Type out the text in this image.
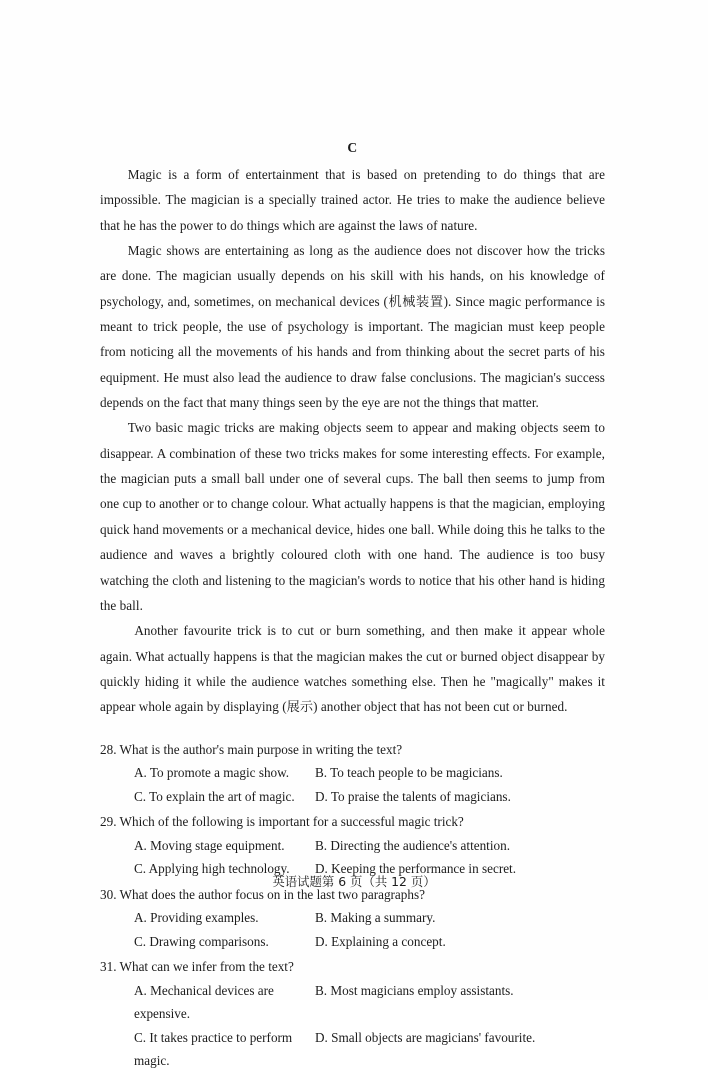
C

Magic is a form of entertainment that is based on pretending to do things that are impossible. The magician is a specially trained actor. He tries to make the audience believe that he has the power to do things which are against the laws of nature.

Magic shows are entertaining as long as the audience does not discover how the tricks are done. The magician usually depends on his skill with his hands, on his knowledge of psychology, and, sometimes, on mechanical devices (机械装置). Since magic performance is meant to trick people, the use of psychology is important. The magician must keep people from noticing all the movements of his hands and from thinking about the secret parts of his equipment. He must also lead the audience to draw false conclusions. The magician's success depends on the fact that many things seen by the eye are not the things that matter.

Two basic magic tricks are making objects seem to appear and making objects seem to disappear. A combination of these two tricks makes for some interesting effects. For example, the magician puts a small ball under one of several cups. The ball then seems to jump from one cup to another or to change colour. What actually happens is that the magician, employing quick hand movements or a mechanical device, hides one ball. While doing this he talks to the audience and waves a brightly coloured cloth with one hand. The audience is too busy watching the cloth and listening to the magician's words to notice that his other hand is hiding the ball.

Another favourite trick is to cut or burn something, and then make it appear whole again. What actually happens is that the magician makes the cut or burned object disappear by quickly hiding it while the audience watches something else. Then he "magically" makes it appear whole again by displaying (展示) another object that has not been cut or burned.

28. What is the author's main purpose in writing the text?

A. To promote a magic show.	B. To teach people to be magicians.
C. To explain the art of magic.	D. To praise the talents of magicians.

29. Which of the following is important for a successful magic trick?

A. Moving stage equipment.	B. Directing the audience's attention.
C. Applying high technology.	D. Keeping the performance in secret.

30. What does the author focus on in the last two paragraphs?

A. Providing examples.	B. Making a summary.
C. Drawing comparisons.	D. Explaining a concept.

31. What can we infer from the text?

A. Mechanical devices are expensive.
B. Most magicians employ assistants.
C. It takes practice to perform magic.
D. Small objects are magicians' favourite.
英语试题第 6 页（共 12 页）
